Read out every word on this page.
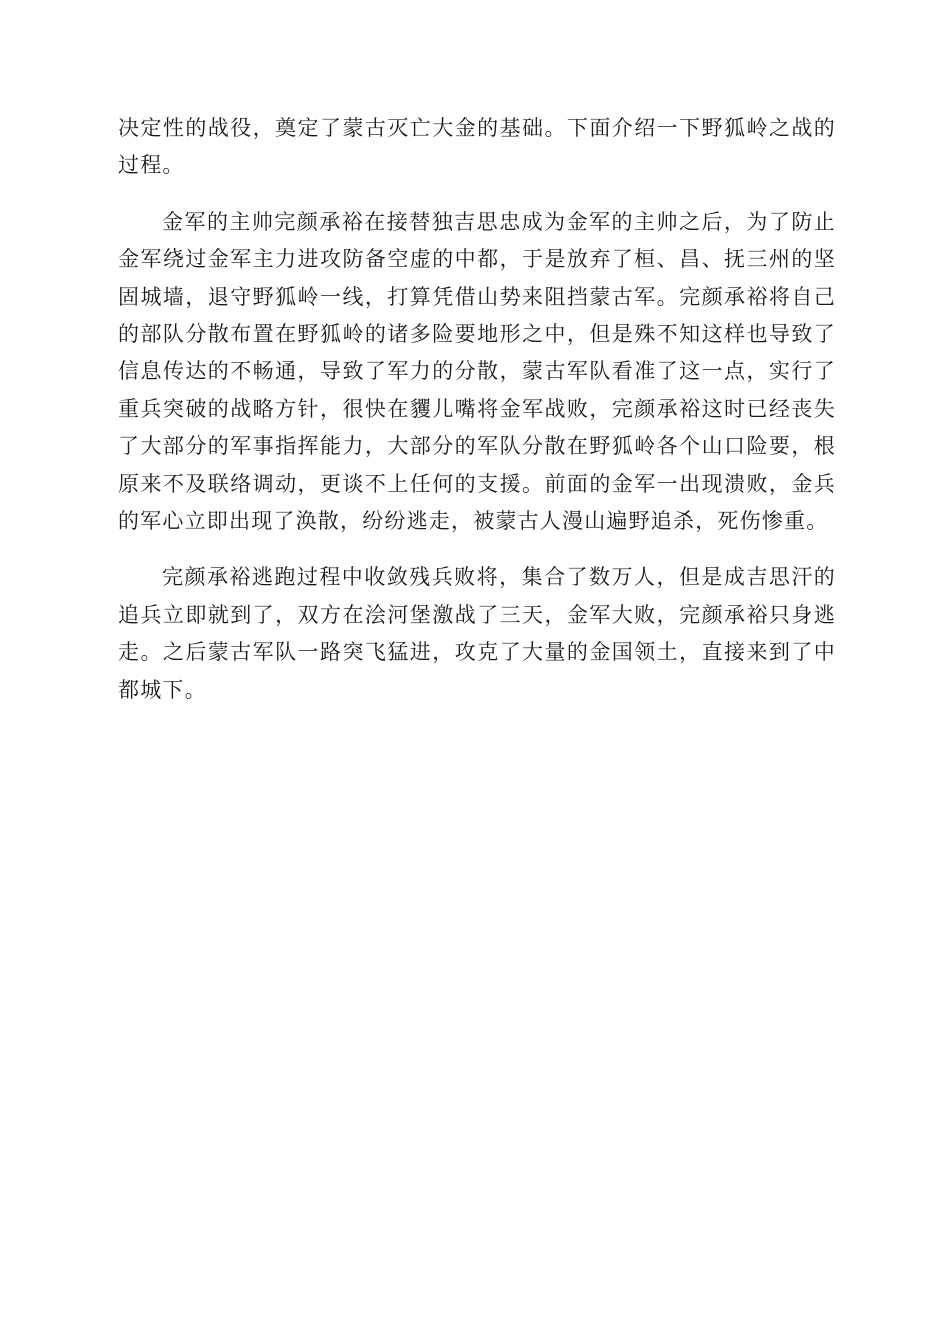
决定性的战役，奠定了蒙古灭亡大金的基础。下面介绍一下野狐岭之战的过程。

金军的主帅完颜承裕在接替独吉思忠成为金军的主帅之后，为了防止金军绕过金军主力进攻防备空虚的中都，于是放弃了桓、昌、抚三州的坚固城墙，退守野狐岭一线，打算凭借山势来阻挡蒙古军。完颜承裕将自己的部队分散布置在野狐岭的诸多险要地形之中，但是殊不知这样也导致了信息传达的不畅通，导致了军力的分散，蒙古军队看准了这一点，实行了重兵突破的战略方针，很快在貜儿嘴将金军战败，完颜承裕这时已经丧失了大部分的军事指挥能力，大部分的军队分散在野狐岭各个山口险要，根原来不及联络调动，更谈不上任何的支援。前面的金军一出现溃败，金兵的军心立即出现了涣散，纷纷逃走，被蒙古人漫山遍野追杀，死伤惨重。

完颜承裕逃跑过程中收敛残兵败将，集合了数万人，但是成吉思汗的追兵立即就到了，双方在浍河堡激战了三天，金军大败，完颜承裕只身逃走。之后蒙古军队一路突飞猛进，攻克了大量的金国领土，直接来到了中都城下。
